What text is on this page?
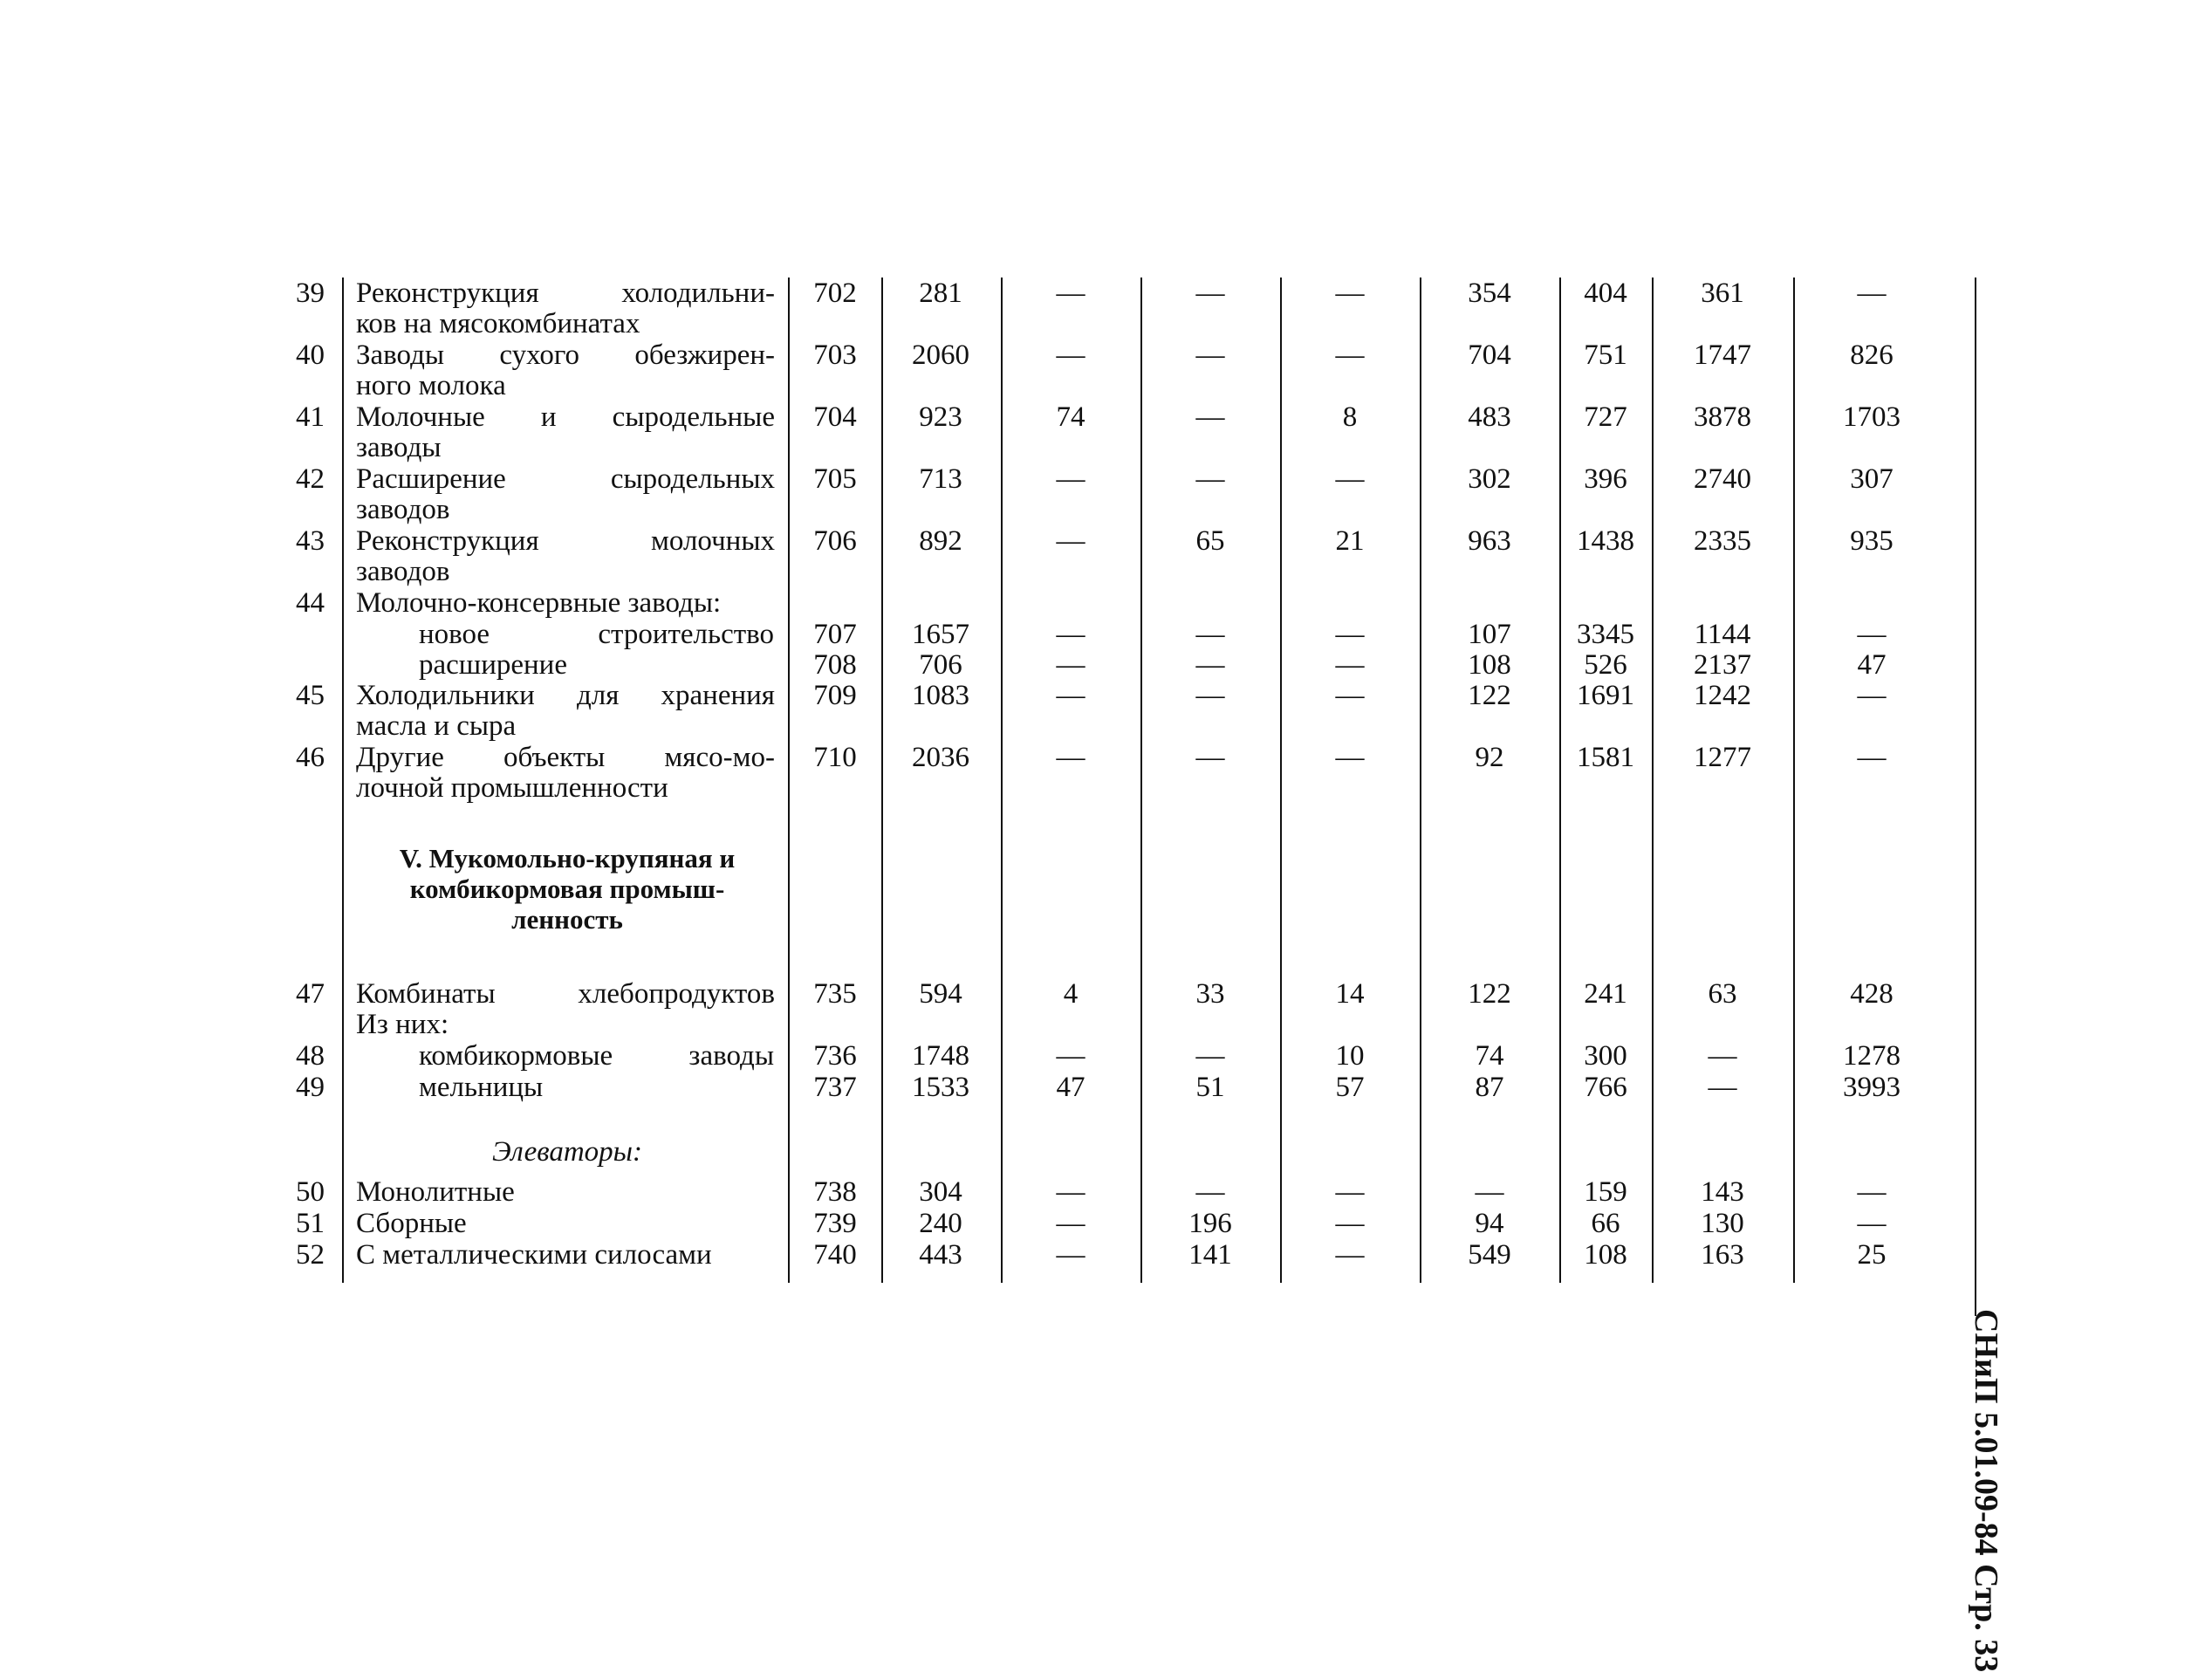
V. Мукомольно-крупяная и
комбикормовая промыш-
ленность
Элеваторы:
СНиП 5.01.09-84 Стр. 33
39 Реконструкция холодильни-
ков на мясокомбинатах
702	281	—	—	—	354	404	361	—
40 Заводы сухого обезжирен-
ного молока
703	2060	—	—	—	704	751	1747	826
41 Молочные и сыродельные
заводы
704	923	74	—	8	483	727	3878	1703
42 Расширение сыродельных
заводов
705	713	—	—	—	302	396	2740	307
43 Реконструкция молочных
заводов
706	892	—	65	21	963	1438	2335	935
44 Молочно-консервные заводы:
новое строительство	707	1657	—	—	—	107	3345	1144	—
расширение	708	706	—	—	—	108	526	2137	47
45 Холодильники для хранения
масла и сыра
709	1083	—	—	—	122	1691	1242	—
46 Другие объекты мясо-мо-
лочной промышленности
710	2036	—	—	—	92	1581	1277	—
47 Комбинаты хлебопродуктов
Из них:
735	594	4	33	14	122	241	63	428
48	комбикормовые заводы	736	1748	—	—	10	74	300	—	1278
49	мельницы	737	1533	47	51	57	87	766	—	3993
50 Монолитные	738	304	—	—	—	—	159	143	—
51 Сборные	739	240	—	196	—	94	66	130	—
52 С металлическими силосами	740	443	—	141	—	549	108	163	25
